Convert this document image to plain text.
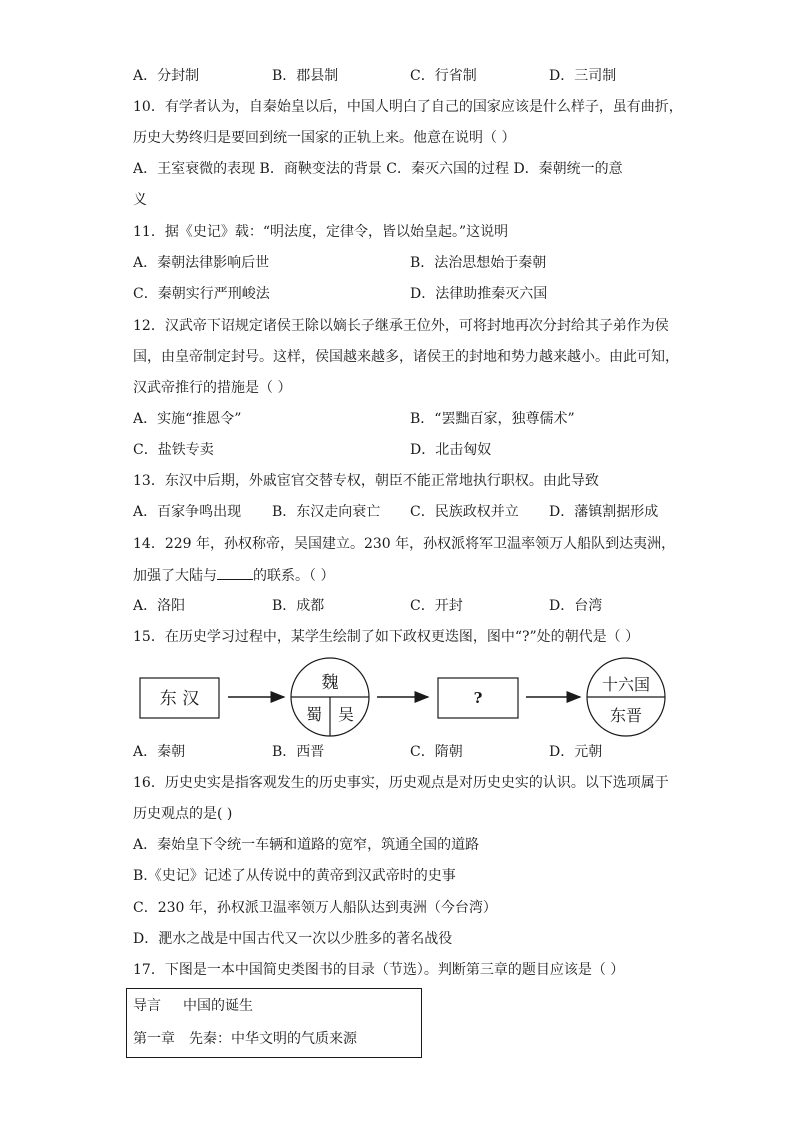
A．分封制	B．郡县制	C．行省制	D．三司制
10．有学者认为，自秦始皇以后，中国人明白了自己的国家应该是什么样子，虽有曲折，
历史大势终归是要回到统一国家的正轨上来。他意在说明（ ）
A．王室衰微的表现 B．商鞅变法的背景 C．秦灭六国的过程 D．秦朝统一的意
义
11．据《史记》载：“明法度，定律令，皆以始皇起。”这说明
A．秦朝法律影响后世	B．法治思想始于秦朝
C．秦朝实行严刑峻法	D．法律助推秦灭六国
12．汉武帝下诏规定诸侯王除以嫡长子继承王位外，可将封地再次分封给其子弟作为侯
国，由皇帝制定封号。这样，侯国越来越多，诸侯王的封地和势力越来越小。由此可知，
汉武帝推行的措施是（ ）
A．实施“推恩令”	B．“罢黜百家，独尊儒术”
C．盐铁专卖	D．北击匈奴
13．东汉中后期，外戚宦官交替专权，朝臣不能正常地执行职权。由此导致
A．百家争鸣出现 B．东汉走向衰亡 C．民族政权并立 D．藩镇割据形成
14．229 年，孙权称帝，吴国建立。230 年，孙权派将军卫温率领万人船队到达夷洲，
加强了大陆与	的联系。（ ）
A．洛阳	B．成都	C．开封	D．台湾
15．在历史学习过程中，某学生绘制了如下政权更迭图，图中“?”处的朝代是（ ）
东 汉
魏
蜀 吴
?
十六国
东晋
A．秦朝	B．西晋	C．隋朝	D．元朝
16．历史史实是指客观发生的历史事实，历史观点是对历史史实的认识。以下选项属于
历史观点的是( )
A．秦始皇下令统一车辆和道路的宽窄，筑通全国的道路
B.《史记》记述了从传说中的黄帝到汉武帝时的史事
C．230 年，孙权派卫温率领万人船队达到夷洲（今台湾）
D．淝水之战是中国古代又一次以少胜多的著名战役
17．下图是一本中国简史类图书的目录（节选）。判断第三章的题目应该是（ ）
导言 中国的诞生
第一章 先秦：中华文明的气质来源
